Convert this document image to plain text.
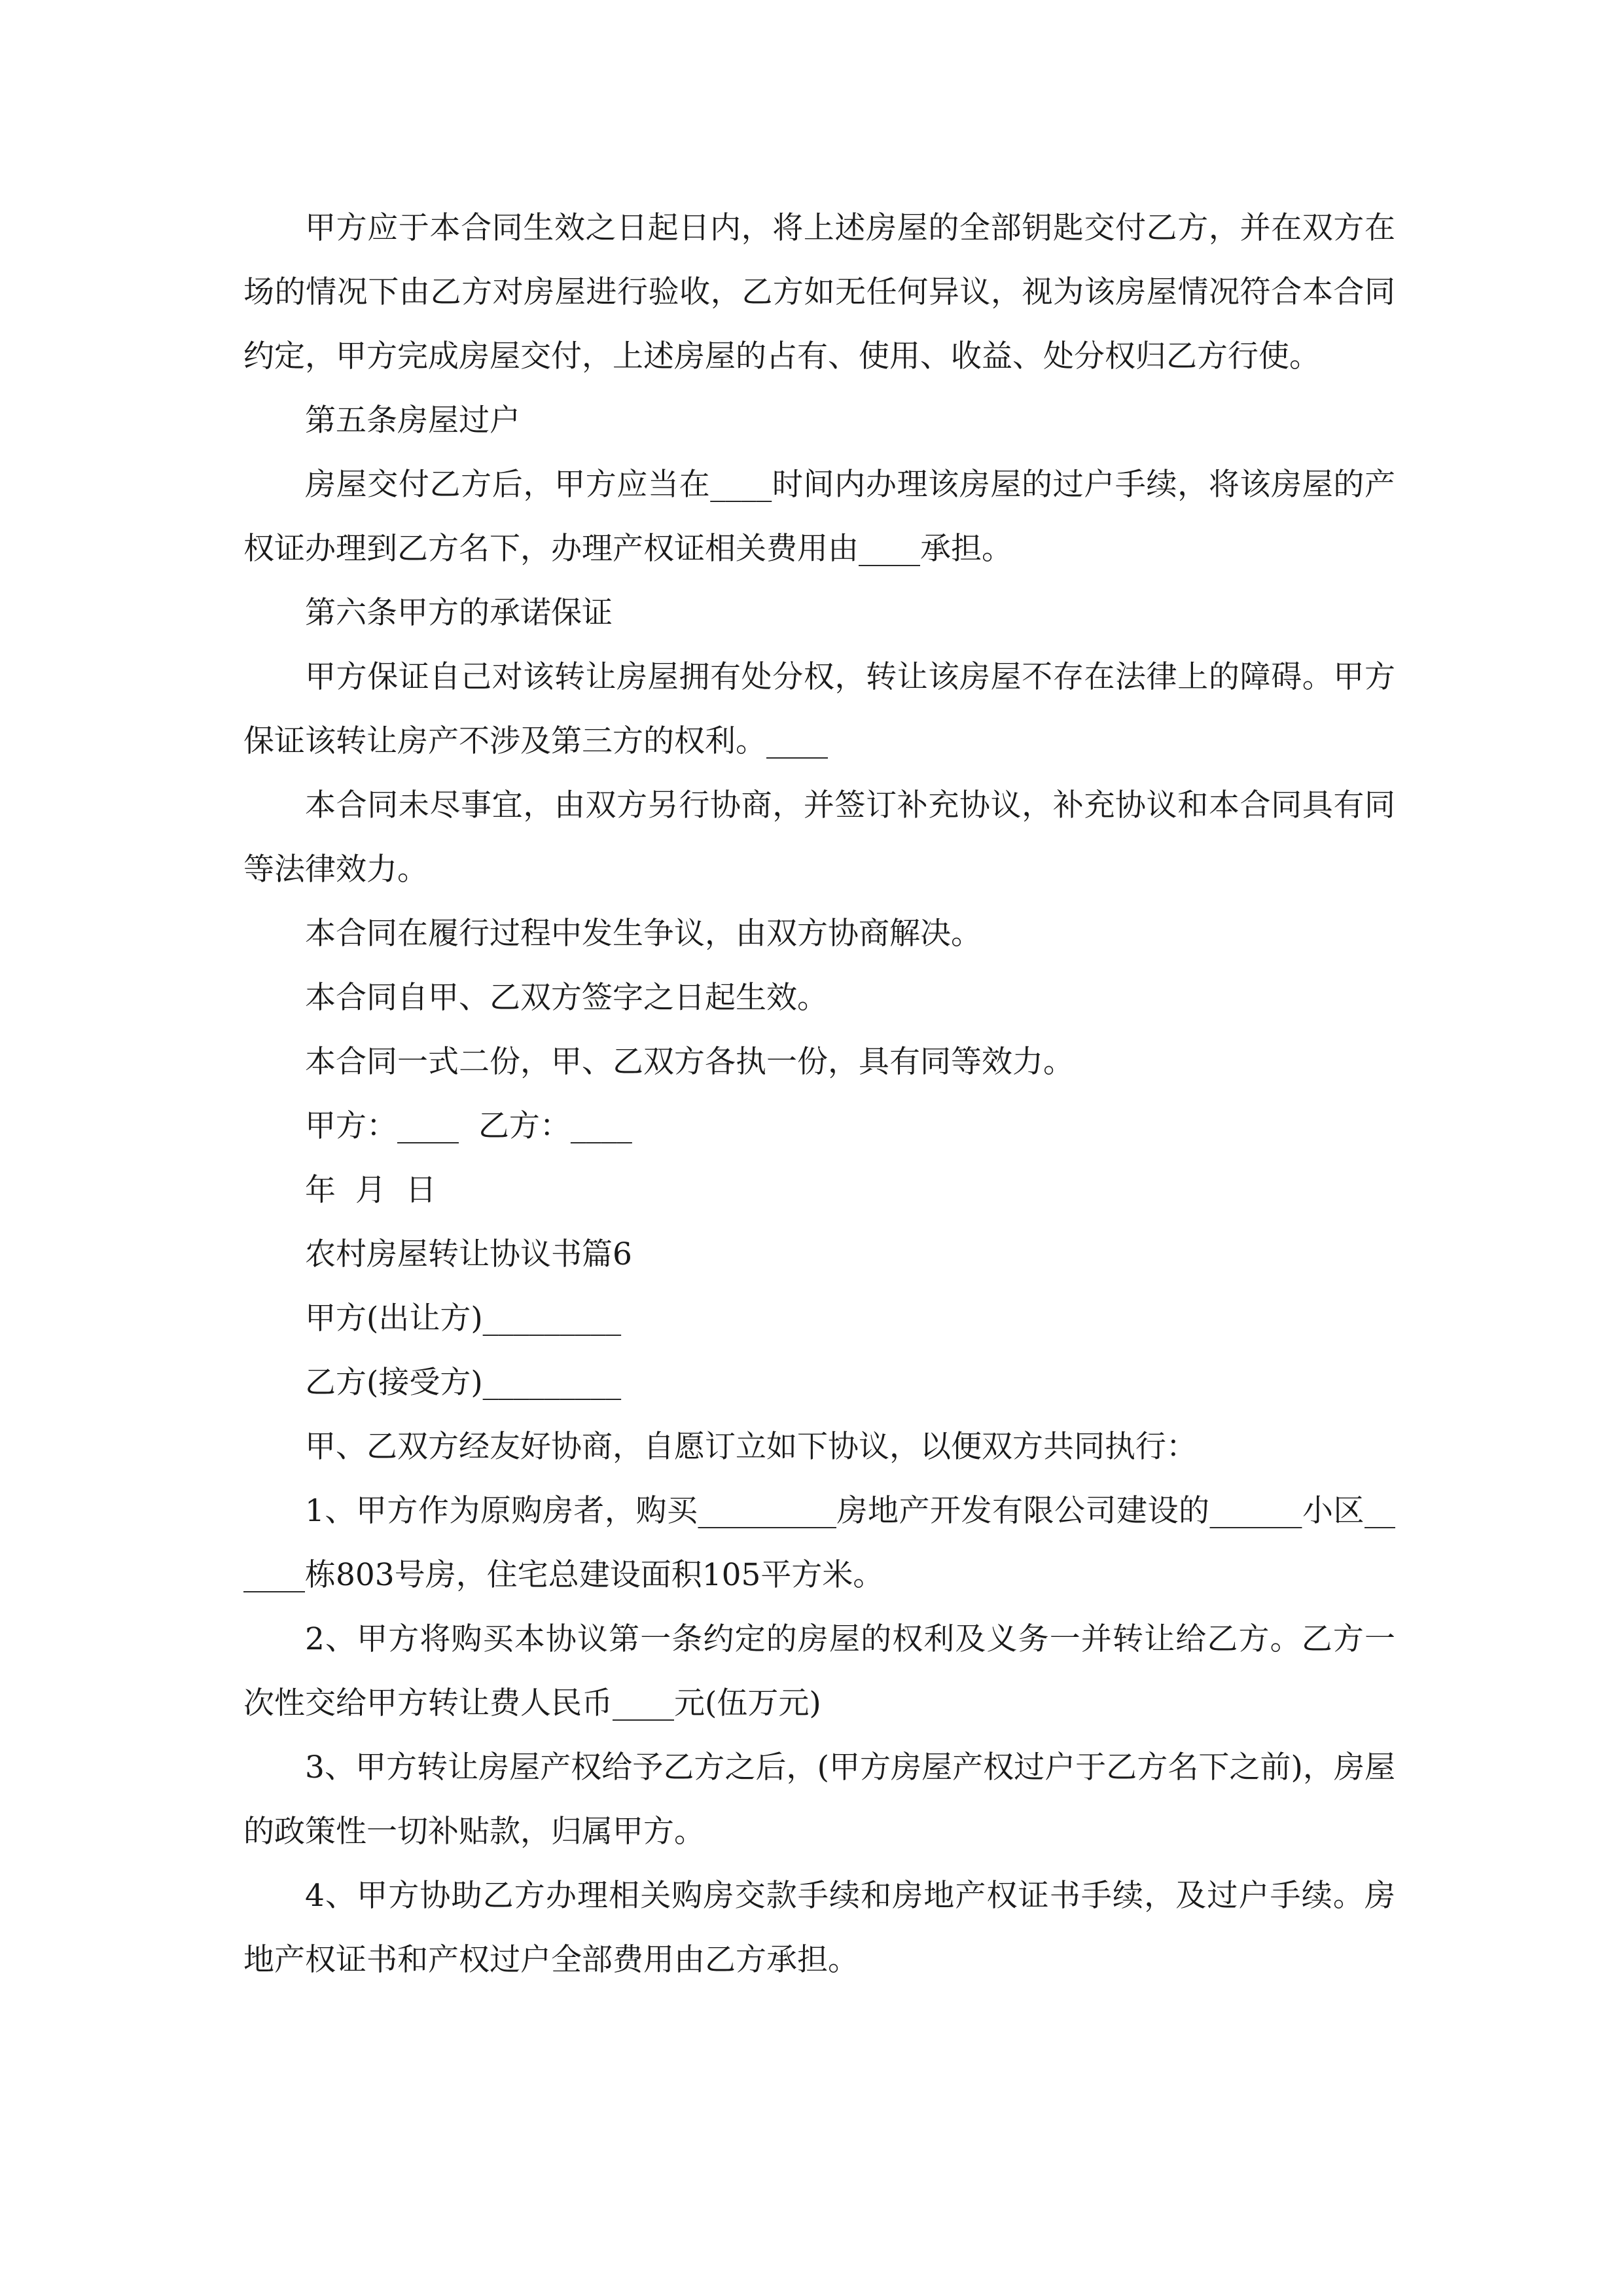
甲方应于本合同生效之日起日内，将上述房屋的全部钥匙交付乙方，并在双方在场的情况下由乙方对房屋进行验收，乙方如无任何异议，视为该房屋情况符合本合同约定，甲方完成房屋交付，上述房屋的占有、使用、收益、处分权归乙方行使。

第五条房屋过户

房屋交付乙方后，甲方应当在____时间内办理该房屋的过户手续，将该房屋的产权证办理到乙方名下，办理产权证相关费用由____承担。

第六条甲方的承诺保证

甲方保证自己对该转让房屋拥有处分权，转让该房屋不存在法律上的障碍。甲方保证该转让房产不涉及第三方的权利。____

本合同未尽事宜，由双方另行协商，并签订补充协议，补充协议和本合同具有同等法律效力。

本合同在履行过程中发生争议，由双方协商解决。

本合同自甲、乙双方签字之日起生效。

本合同一式二份，甲、乙双方各执一份，具有同等效力。

甲方：____  乙方：____

年  月  日

农村房屋转让协议书篇6

甲方(出让方)_________

乙方(接受方)_________

甲、乙双方经友好协商，自愿订立如下协议，以便双方共同执行：

1、甲方作为原购房者，购买_________房地产开发有限公司建设的______小区______栋803号房，住宅总建设面积105平方米。

2、甲方将购买本协议第一条约定的房屋的权利及义务一并转让给乙方。乙方一次性交给甲方转让费人民币____元(伍万元)

3、甲方转让房屋产权给予乙方之后，(甲方房屋产权过户于乙方名下之前)，房屋的政策性一切补贴款，归属甲方。

4、甲方协助乙方办理相关购房交款手续和房地产权证书手续，及过户手续。房地产权证书和产权过户全部费用由乙方承担。
